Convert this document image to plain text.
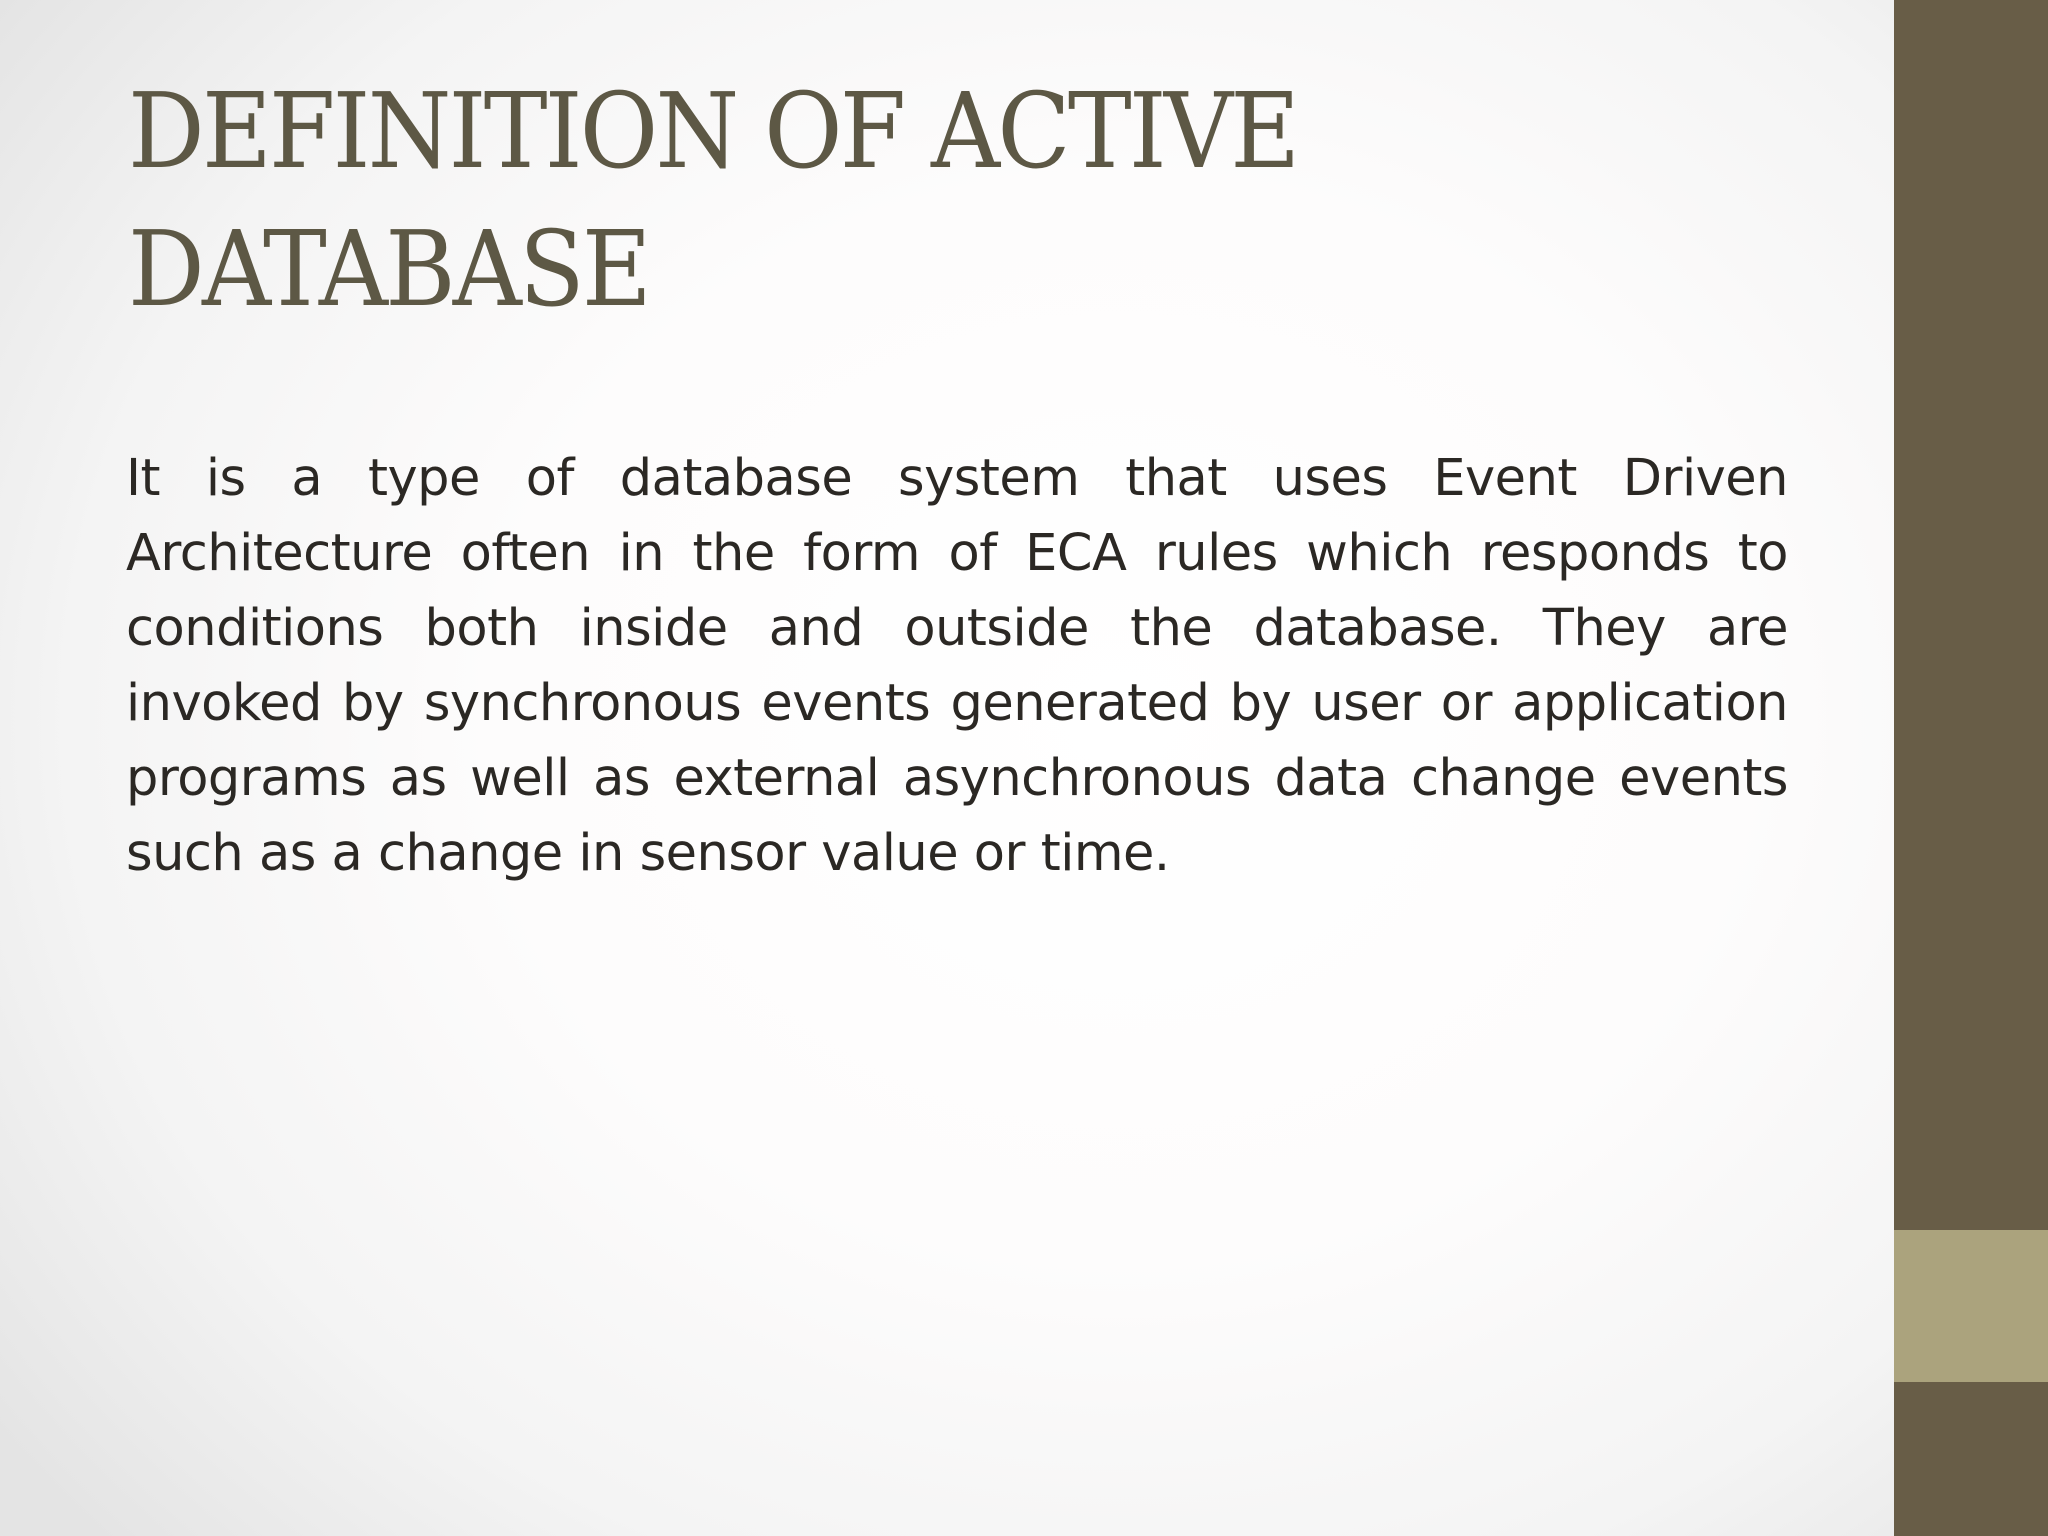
DEFINITION OF ACTIVE
DATABASE

It is a type of database system that uses Event Driven Architecture often in the form of ECA rules which responds to conditions both inside and outside the database. They are invoked by synchronous events generated by user or application programs as well as external asynchronous data change events such as a change in sensor value or time.
